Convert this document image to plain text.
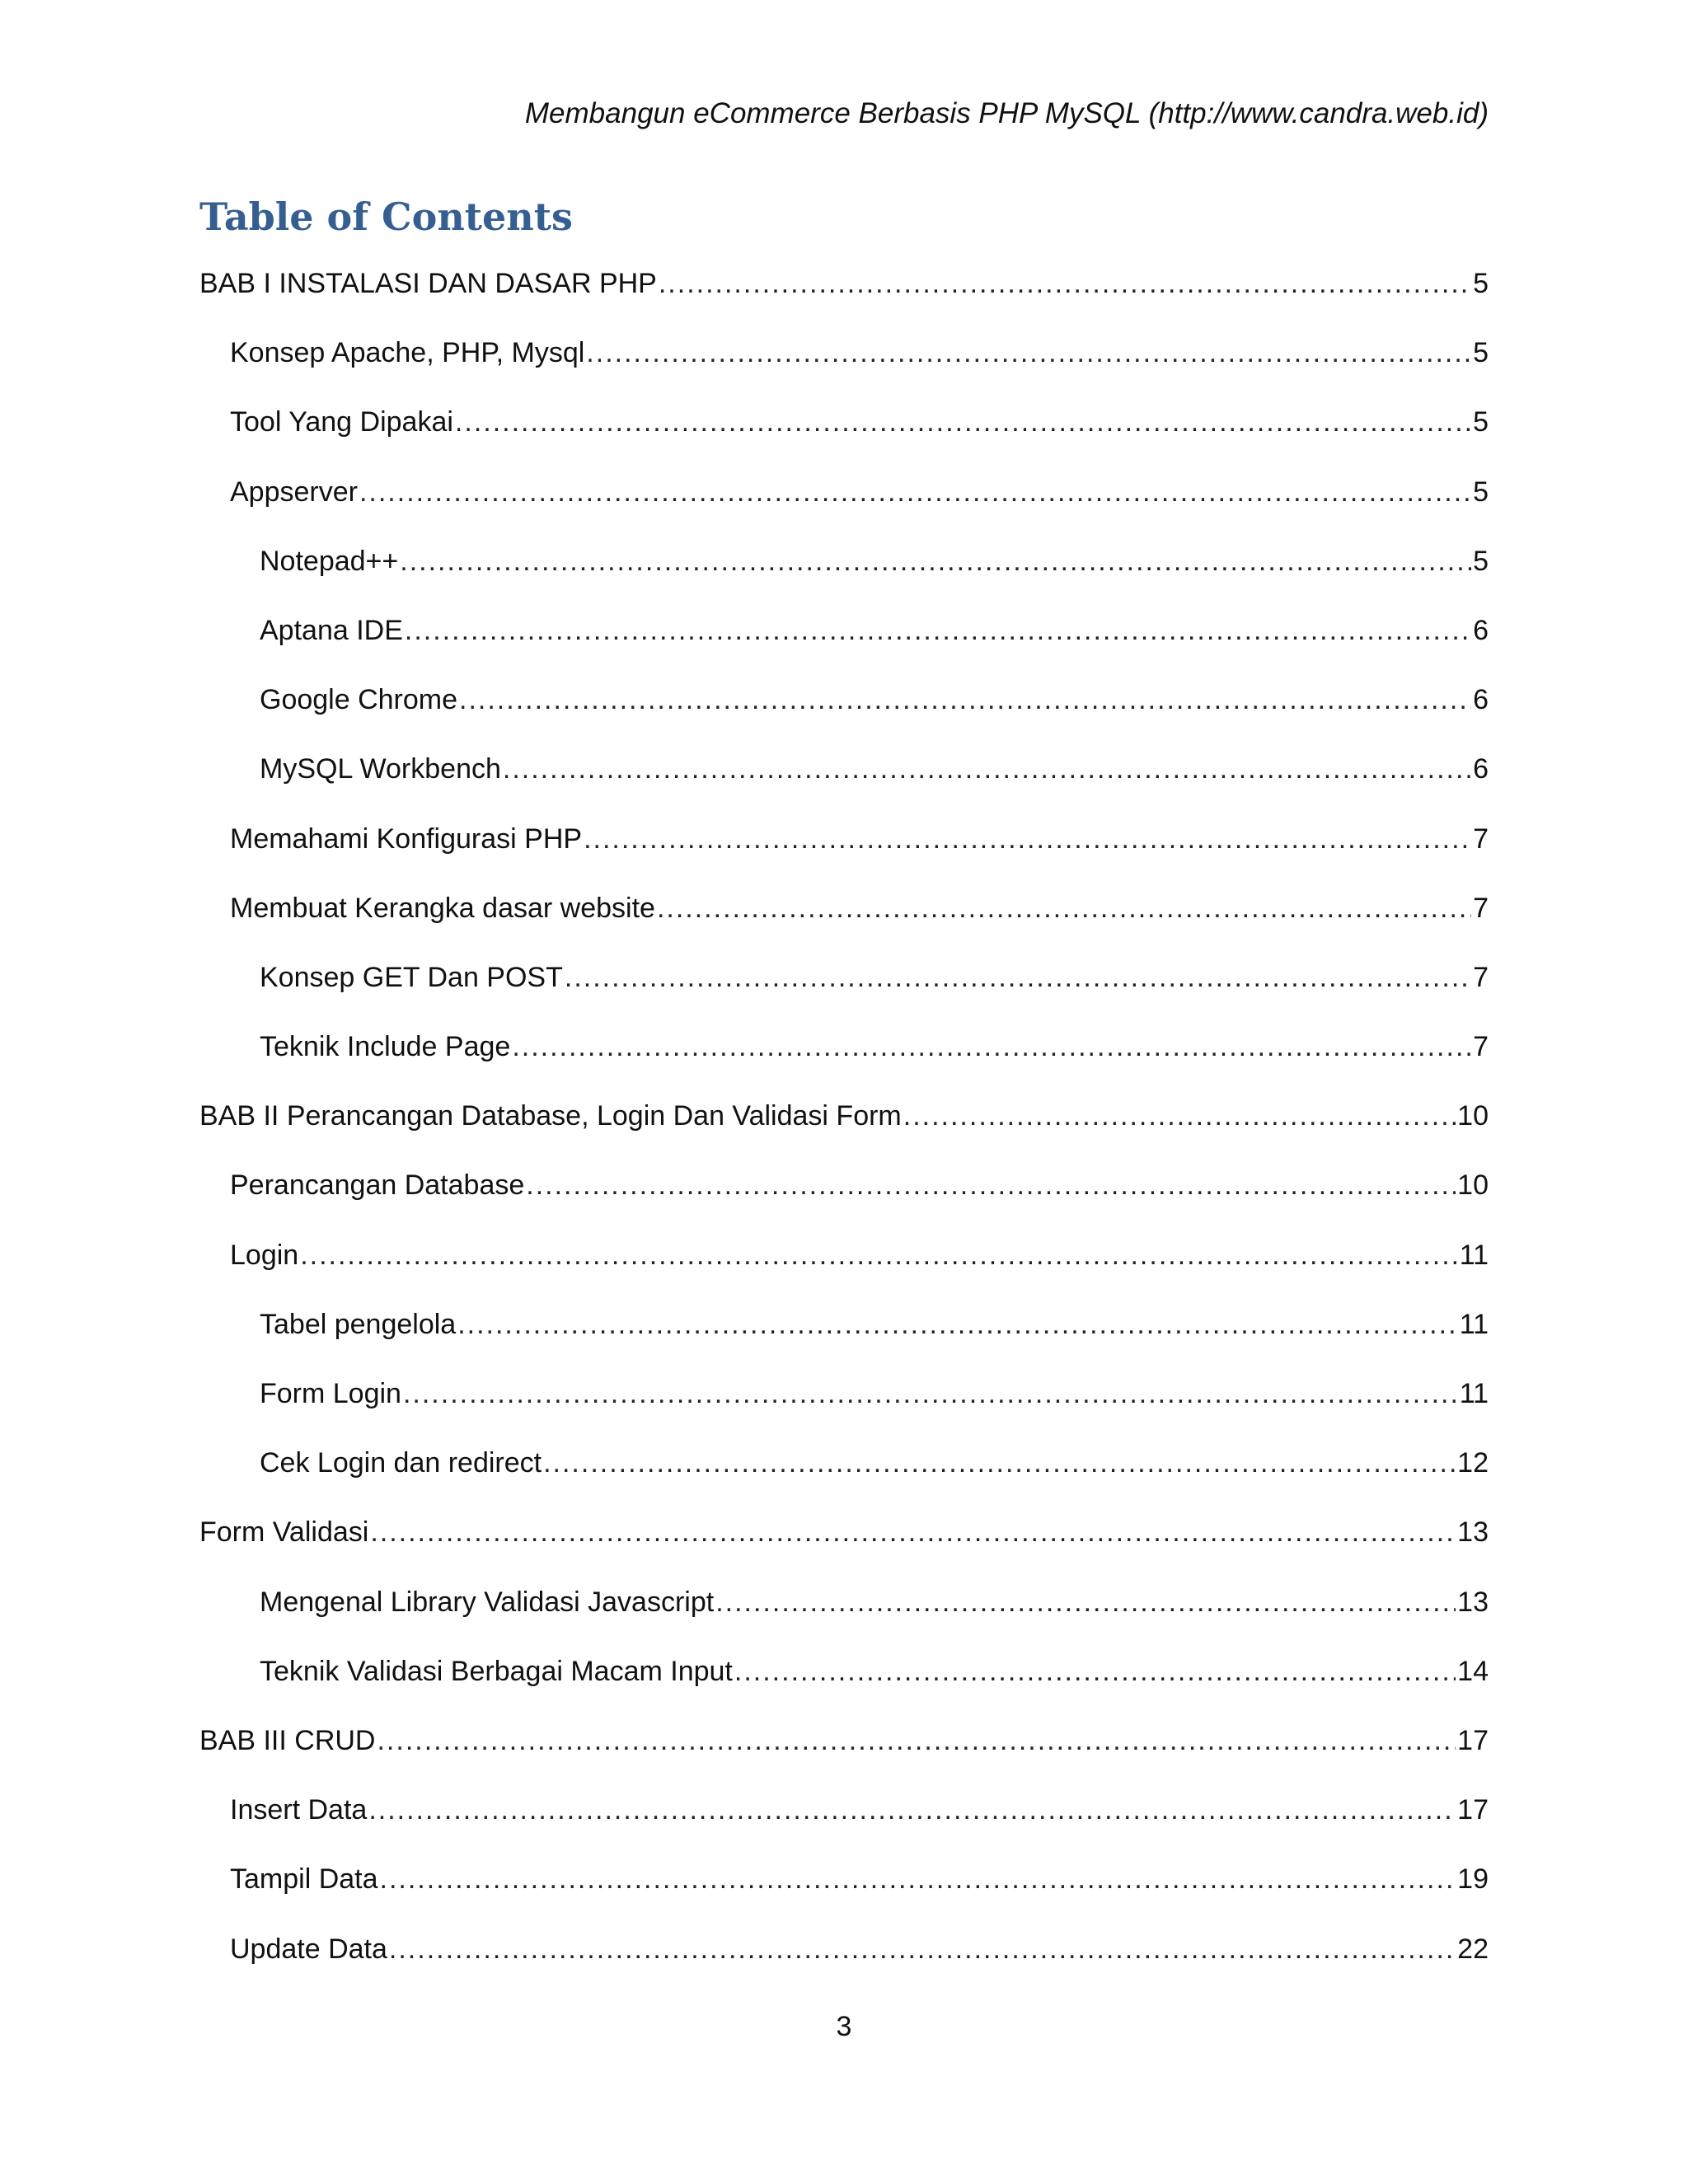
Membangun eCommerce Berbasis PHP MySQL (http://www.candra.web.id)
Table of Contents
BAB I INSTALASI DAN DASAR PHP .....	5
Konsep Apache, PHP, Mysql .....	5
Tool Yang Dipakai .....	5
Appserver .....	5
Notepad++ .....	5
Aptana IDE .....	6
Google Chrome .....	6
MySQL Workbench .....	6
Memahami Konfigurasi PHP .....	7
Membuat Kerangka dasar website .....	7
Konsep GET Dan POST .....	7
Teknik Include Page .....	7
BAB II Perancangan Database, Login Dan Validasi Form .....	10
Perancangan Database .....	10
Login .....	11
Tabel pengelola .....	11
Form Login .....	11
Cek Login dan redirect .....	12
Form Validasi .....	13
Mengenal Library Validasi Javascript .....	13
Teknik Validasi Berbagai Macam Input .....	14
BAB III CRUD .....	17
Insert Data .....	17
Tampil Data .....	19
Update Data .....	22
3
